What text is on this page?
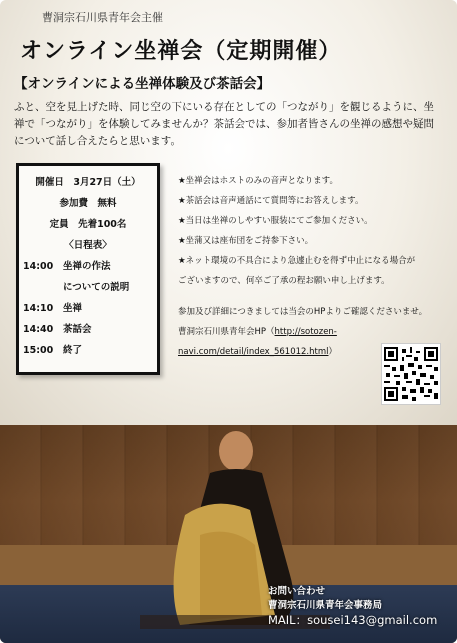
曹洞宗石川県青年会主催
オンライン坐禅会（定期開催）
【オンラインによる坐禅体験及び茶話会】
ふと、空を見上げた時、同じ空の下にいる存在としての「つながり」を観じるように、坐禅で「つながり」を体験してみませんか？茶話会では、参加者皆さんの坐禅の感想や疑問について話し合えたらと思います。
開催日　3月27日（土）
参加費　無料
定員　先着100名
〈日程表〉
14:00	坐禅の作法
についての説明
14:10	坐禅
14:40	茶話会
15:00	終了
★坐禅会はホストのみの音声となります。
★茶話会は音声通話にて質問等にお答えします。
★当日は坐禅のしやすい服装にてご参加ください。
★坐蒲又は座布団をご持参下さい。
★ネット環境の不具合により急遽止むを得ず中止になる場合が
ございますので、何卒ご了承の程お願い申し上げます。
参加及び詳細につきましては当会のHPよりご確認くださいませ。
曹洞宗石川県青年会HP（http://sotozen-
navi.com/detail/index_561012.html）
お問い合わせ
曹洞宗石川県青年会事務局
MAIL：sousei143@gmail.com
